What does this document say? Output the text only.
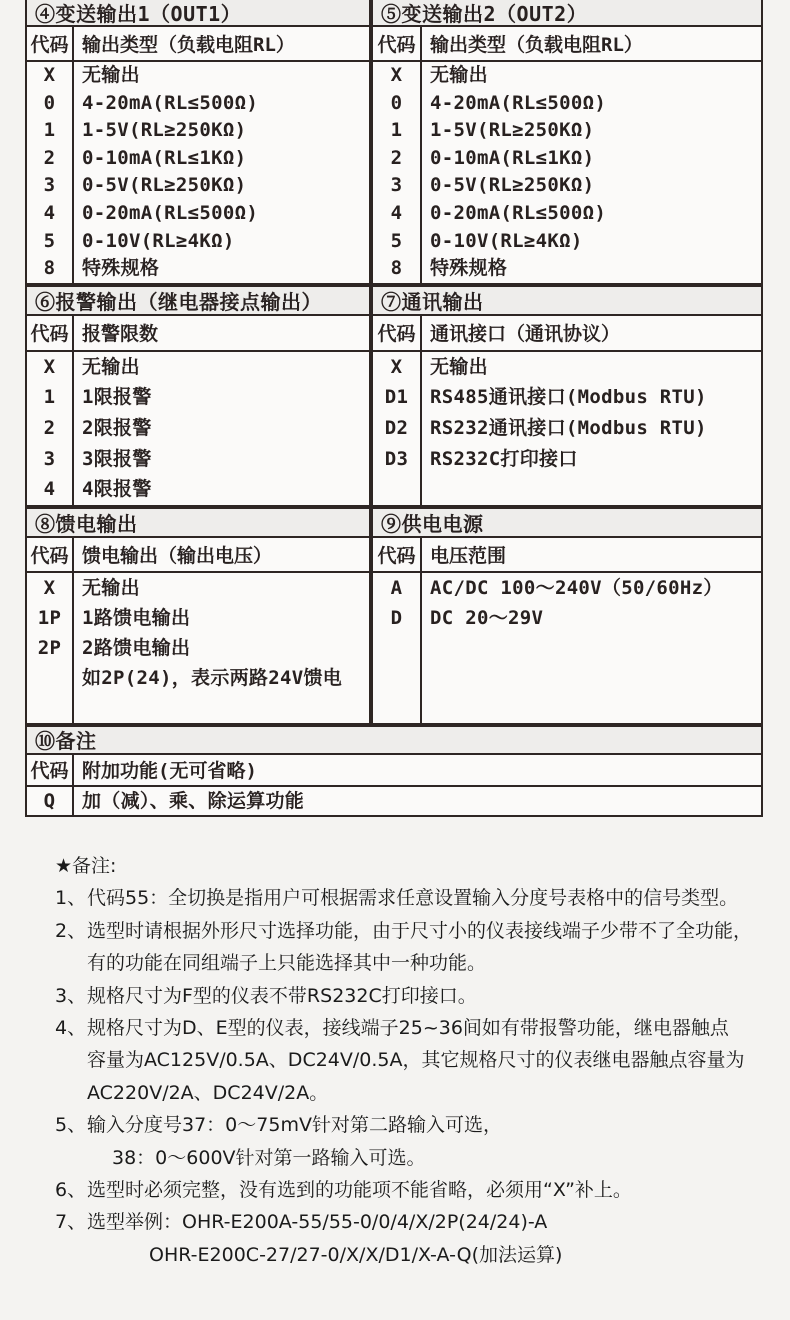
④变送输出1（OUT1）
代码 输出类型（负载电阻RL）
X
0
1
2
3
4
5
8
无输出
4-20mA(RL≤500Ω)
1-5V(RL≥250KΩ)
0-10mA(RL≤1KΩ)
0-5V(RL≥250KΩ)
0-20mA(RL≤500Ω)
0-10V(RL≥4KΩ)
特殊规格
⑤变送输出2（OUT2）
代码 输出类型（负载电阻RL）
X
0
1
2
3
4
5
8
无输出
4-20mA(RL≤500Ω)
1-5V(RL≥250KΩ)
0-10mA(RL≤1KΩ)
0-5V(RL≥250KΩ)
0-20mA(RL≤500Ω)
0-10V(RL≥4KΩ)
特殊规格
⑥报警输出（继电器接点输出）
代码 报警限数
X
1
2
3
4
无输出
1限报警
2限报警
3限报警
4限报警
⑦通讯输出
代码 通讯接口（通讯协议）
X
D1
D2
D3
无输出
RS485通讯接口(Modbus RTU)
RS232通讯接口(Modbus RTU)
RS232C打印接口
⑧馈电输出
代码 馈电输出（输出电压）
X
1P
2P
无输出
1路馈电输出
2路馈电输出
如2P(24)，表示两路24V馈电
⑨供电电源
代码 电压范围
A
D
AC/DC 100～240V（50/60Hz）
DC 20～29V
⑩备注
代码 附加功能(无可省略)
Q	加（减）、乘、除运算功能
★备注:
1、 代码55：全切换是指用户可根据需求任意设置输入分度号表格中的信号类型。
2、 选型时请根据外形尺寸选择功能，由于尺寸小的仪表接线端子少带不了全功能，
有的功能在同组端子上只能选择其中一种功能。
3、 规格尺寸为F型的仪表不带RS232C打印接口。
4、 规格尺寸为D、E型的仪表，接线端子25~36间如有带报警功能，继电器触点
容量为AC125V/0.5A、DC24V/0.5A，其它规格尺寸的仪表继电器触点容量为
AC220V/2A、DC24V/2A。
5、 输入分度号37：0～75mV针对第二路输入可选，
38：0～600V针对第一路输入可选。
6、 选型时必须完整，没有选到的功能项不能省略，必须用“X”补上。
7、 选型举例：OHR-E200A-55/55-0/0/4/X/2P(24/24)-A
OHR-E200C-27/27-0/X/X/D1/X-A-Q(加法运算)
